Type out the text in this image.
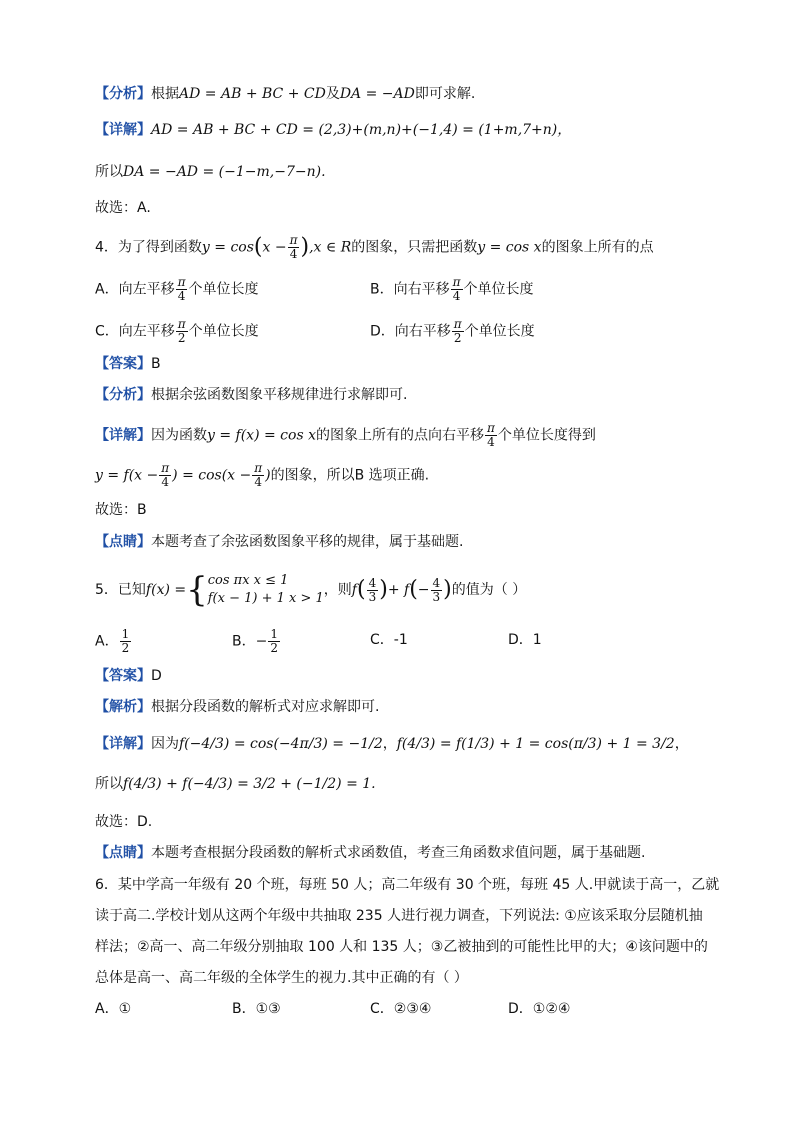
【分析】根据AD = AB + BC + CD及DA = −AD即可求解.
【详解】AD = AB + BC + CD = (2,3)+(m,n)+(−1,4) = (1+m,7+n)，
所以DA = −AD = (−1−m,−7−n).
故选：A.
4．为了得到函数$y = \cos(x - \frac{\pi}{4} ),x$ ∈ R的图象，只需把函数y = cos x的图象上所有的点
A．向左平移 $\frac{\pi}{4}$ 个单位长度	B．向右平移 $\frac{\pi}{4}$ 个单位长度
C．向左平移 $\frac{\pi}{2}$ 个单位长度	D．向右平移 $\frac{\pi}{2}$ 个单位长度
【答案】B
【分析】根据余弦函数图象平移规律进行求解即可.
【详解】因为函数y = f(x) = cos x的图象上所有的点向右平移 $\frac{\pi}{4}$ 个单位长度得到
$y = f(x - \frac{\pi}{4}$ ) = $\cos(x - \frac{\pi}{4}$ )的图象，所以B 选项正确.
故选：B
【点睛】本题考查了余弦函数图象平移的规律，属于基础题.
5．已知f(x) ={ cos πx x ≤ 1
f(x − 1) + 1 x > 1
，则$f( \frac{4}{3}$ )+ $f(- \frac{4}{3}$ )的值为（ ）
A． $\frac{1}{2}$	B．− $\frac{1}{2}$	C．-1	D．1
【答案】D
【解析】根据分段函数的解析式对应求解即可.
【详解】因为f(−4/3) = cos(−4π/3) = −1/2，f(4/3) = f(1/3) + 1 = cos(π/3) + 1 = 3/2，
所以f(4/3) + f(−4/3) = 3/2 + (−1/2) = 1.
故选：D.
【点睛】本题考查根据分段函数的解析式求函数值，考查三角函数求值问题，属于基础题.
6．某中学高一年级有 20 个班，每班 50 人；高二年级有 30 个班，每班 45 人.甲就读于高一，乙就
读于高二.学校计划从这两个年级中共抽取 235 人进行视力调查，下列说法: ①应该采取分层随机抽
样法；②高一、高二年级分别抽取 100 人和 135 人；③乙被抽到的可能性比甲的大；④该问题中的
总体是高一、高二年级的全体学生的视力.其中正确的有（ ）
A．①	B．①③	C．②③④	D．①②④
